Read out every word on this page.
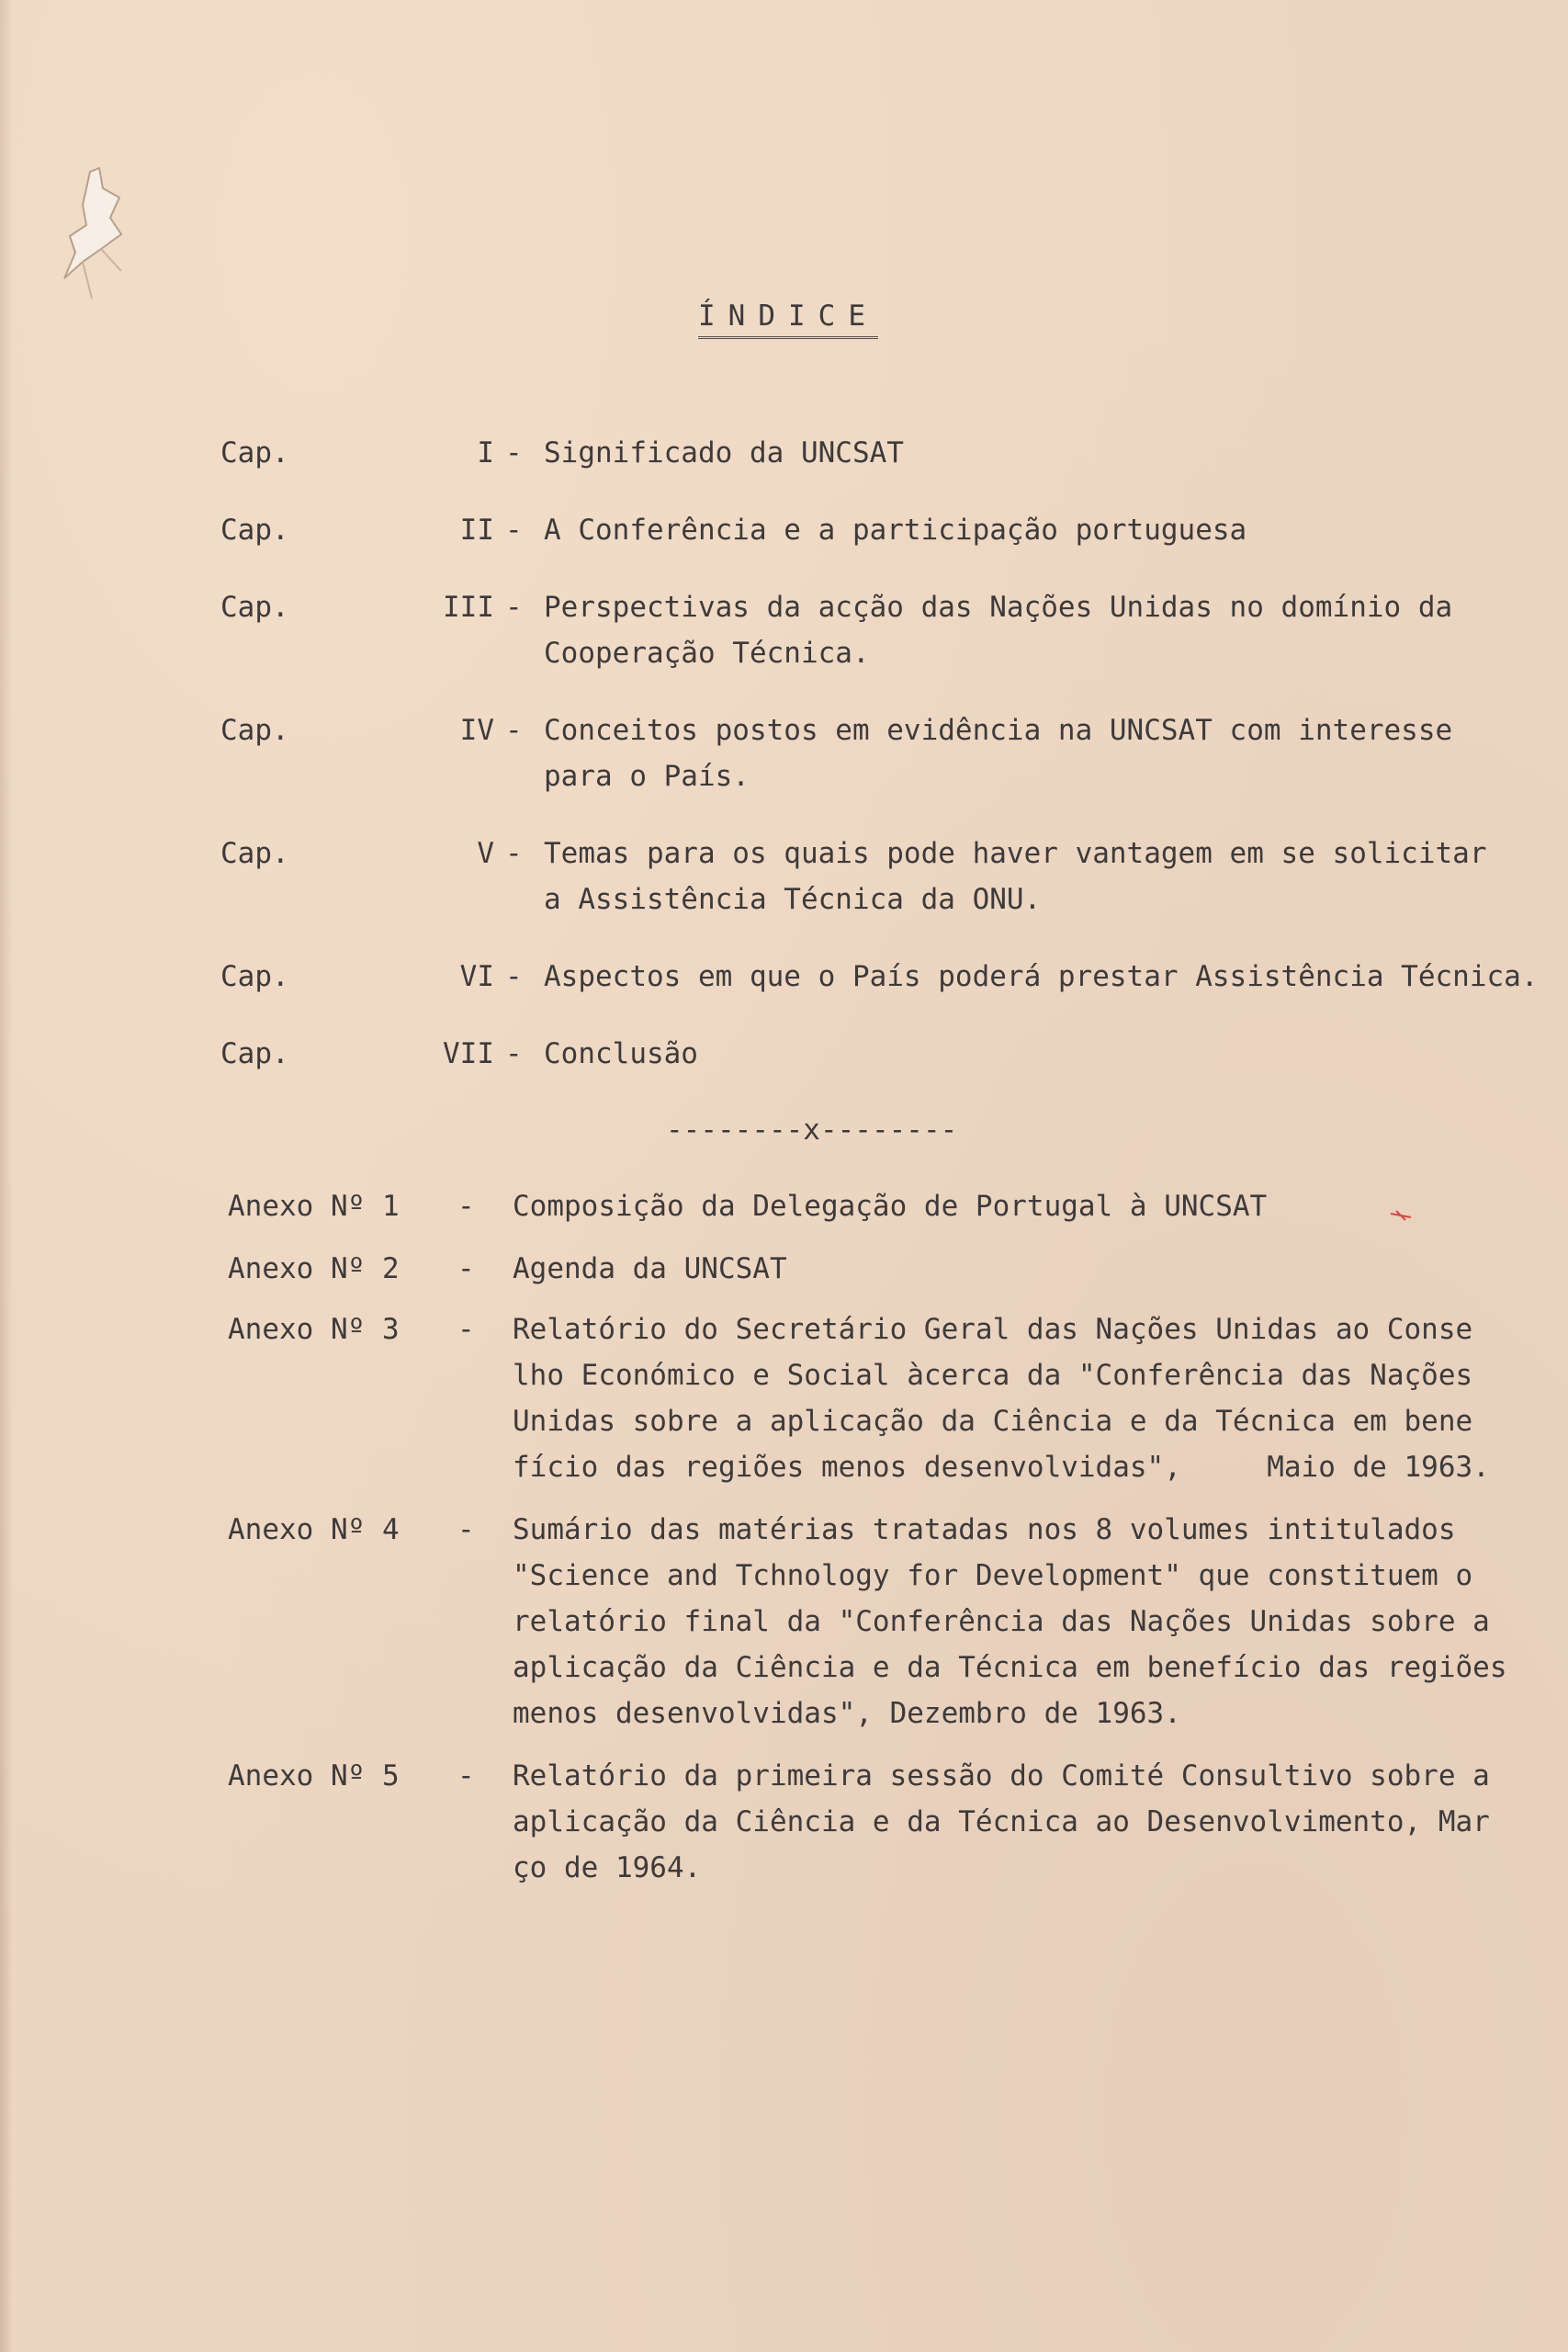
ÍNDICE
Cap.	I - Significado da UNCSAT
Cap.	II - A Conferência e a participação portuguesa
Cap.	III - Perspectivas da acção das Nações Unidas no domínio da
Cooperação Técnica.
Cap.	IV - Conceitos postos em evidência na UNCSAT com interesse
para o País.
Cap.	V - Temas para os quais pode haver vantagem em se solicitar
a Assistência Técnica da ONU.
Cap.	VI - Aspectos em que o País poderá prestar Assistência Técnica.
Cap.	VII - Conclusão
--------x--------
Anexo Nº 1	-	Composição da Delegação de Portugal à UNCSAT
Anexo Nº 2	-	Agenda da UNCSAT
Anexo Nº 3	-	Relatório do Secretário Geral das Nações Unidas ao Conse
lho Económico e Social àcerca da "Conferência das Nações
Unidas sobre a aplicação da Ciência e da Técnica em bene
fício das regiões menos desenvolvidas",     Maio de 1963.
Anexo Nº 4	-	Sumário das matérias tratadas nos 8 volumes intitulados
"Science and Tchnology for Development" que constituem o
relatório final da "Conferência das Nações Unidas sobre a
aplicação da Ciência e da Técnica em benefício das regiões
menos desenvolvidas", Dezembro de 1963.
Anexo Nº 5	-	Relatório da primeira sessão do Comité Consultivo sobre a
aplicação da Ciência e da Técnica ao Desenvolvimento, Mar
ço de 1964.
